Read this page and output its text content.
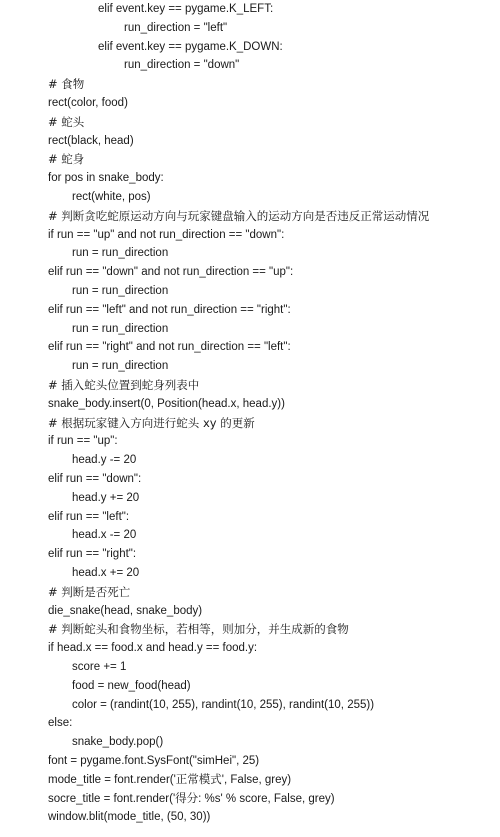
elif event.key == pygame.K_LEFT:
run_direction = "left"
elif event.key == pygame.K_DOWN:
run_direction = "down"
# 食物
rect(color, food)
# 蛇头
rect(black, head)
# 蛇身
for pos in snake_body:
rect(white, pos)
# 判断贪吃蛇原运动方向与玩家键盘输入的运动方向是否违反正常运动情况
if run == "up" and not run_direction == "down":
run = run_direction
elif run == "down" and not run_direction == "up":
run = run_direction
elif run == "left" and not run_direction == "right":
run = run_direction
elif run == "right" and not run_direction == "left":
run = run_direction
# 插入蛇头位置到蛇身列表中
snake_body.insert(0, Position(head.x, head.y))
# 根据玩家键入方向进行蛇头 xy 的更新
if run == "up":
head.y -= 20
elif run == "down":
head.y += 20
elif run == "left":
head.x -= 20
elif run == "right":
head.x += 20
# 判断是否死亡
die_snake(head, snake_body)
# 判断蛇头和食物坐标，若相等，则加分，并生成新的食物
if head.x == food.x and head.y == food.y:
score += 1
food = new_food(head)
color = (randint(10, 255), randint(10, 255), randint(10, 255))
else:
snake_body.pop()
font = pygame.font.SysFont("simHei", 25)
mode_title = font.render('正常模式', False, grey)
socre_title = font.render('得分: %s' % score, False, grey)
window.blit(mode_title, (50, 30))
